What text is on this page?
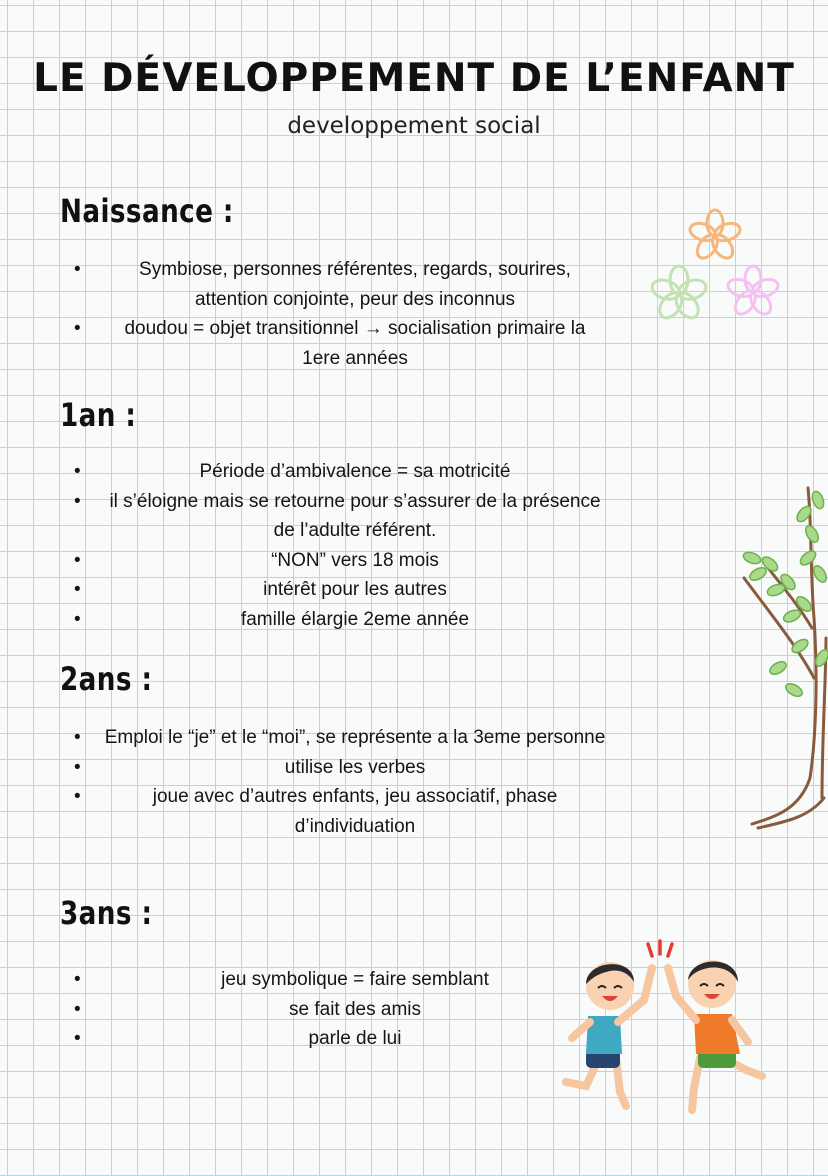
LE DÉVELOPPEMENT DE L’ENFANT
developpement social
Naissance :
• Symbiose, personnes référentes, regards, sourires, attention conjointe, peur des inconnus
• doudou = objet transitionnel → socialisation primaire la 1ere années
1an :
• Période d’ambivalence = sa motricité
• il s’éloigne mais se retourne pour s’assurer de la présence de l’adulte référent.
• “NON” vers 18 mois
• intérêt pour les autres
• famille élargie 2eme année
2ans :
• Emploi le “je” et le “moi”, se représente a la 3eme personne
• utilise les verbes
• joue avec d’autres enfants, jeu associatif, phase d’individuation
3ans :
• jeu symbolique = faire semblant
• se fait des amis
• parle de lui
